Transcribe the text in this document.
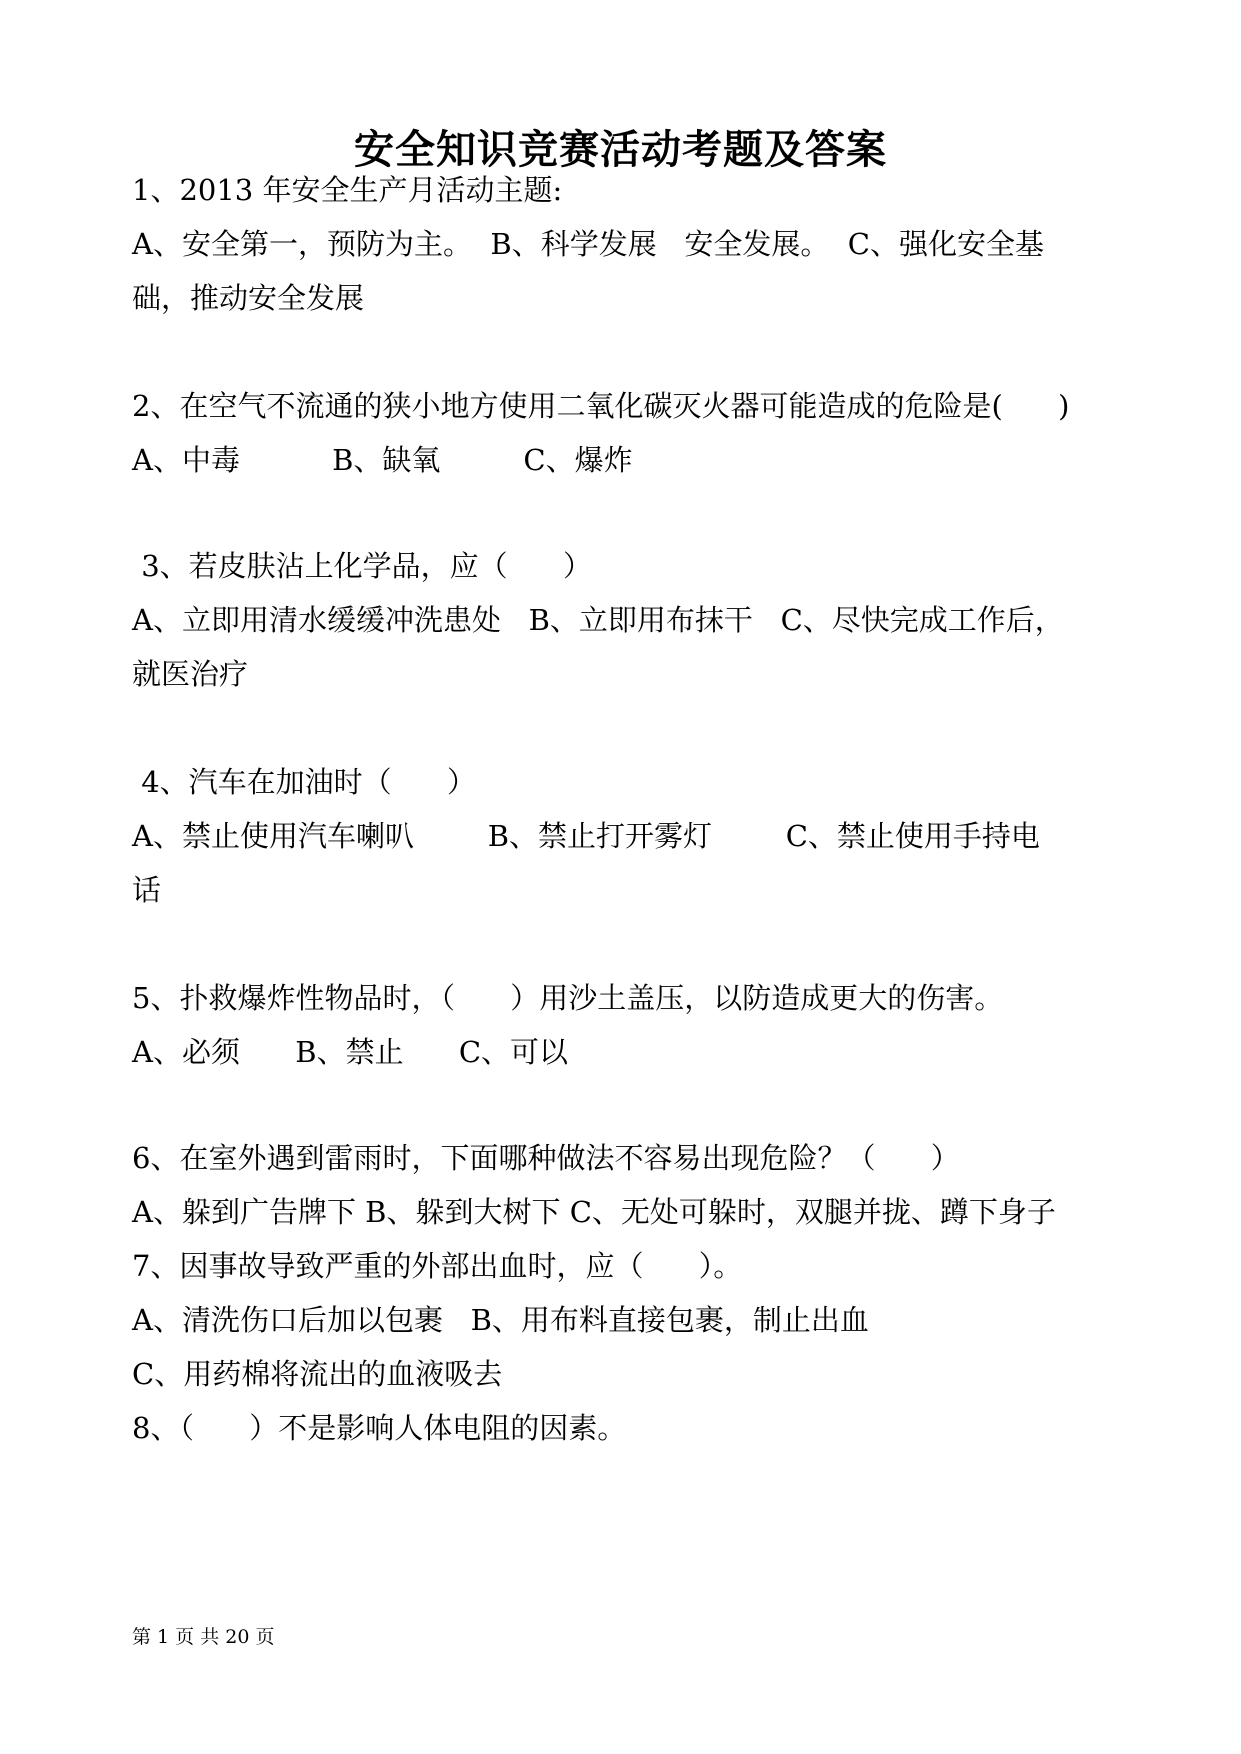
安全知识竞赛活动考题及答案

1、2013 年安全生产月活动主题:

A、安全第一，预防为主。  B、科学发展   安全发展。  C、强化安全基

础，推动安全发展

2、在空气不流通的狭小地方使用二氧化碳灭火器可能造成的危险是(      )

A、中毒          B、缺氧         C、爆炸

3、若皮肤沾上化学品，应（      ）

A、立即用清水缓缓冲洗患处   B、立即用布抹干   C、尽快完成工作后，

就医治疗

4、汽车在加油时（      ）

A、禁止使用汽车喇叭        B、禁止打开雾灯        C、禁止使用手持电

话

5、扑救爆炸性物品时，（      ）用沙土盖压，以防造成更大的伤害。

A、必须      B、禁止      C、可以

6、在室外遇到雷雨时，下面哪种做法不容易出现危险？（      ）

A、躲到广告牌下 B、躲到大树下 C、无处可躲时，双腿并拢、蹲下身子

7、因事故导致严重的外部出血时，应（      ）。

A、清洗伤口后加以包裹   B、用布料直接包裹，制止出血

C、用药棉将流出的血液吸去

8、（      ）不是影响人体电阻的因素。

第 1 页 共 20 页
